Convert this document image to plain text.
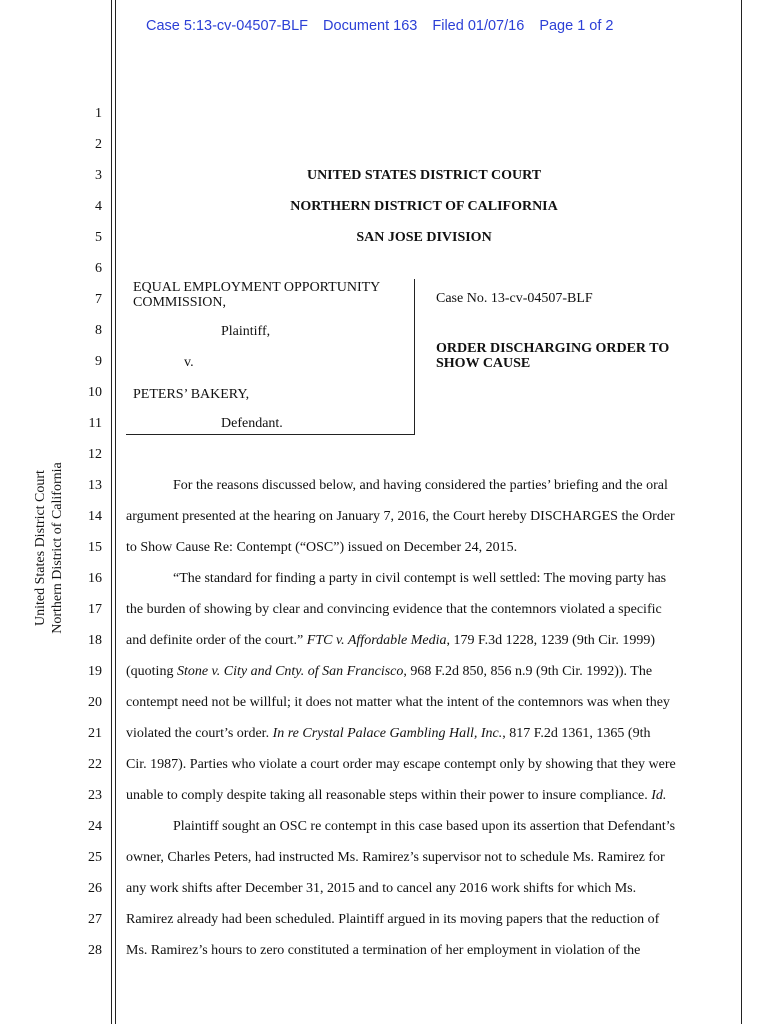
Case 5:13-cv-04507-BLF Document 163 Filed 01/07/16 Page 1 of 2
United States District Court Northern District of California
1
2
3
4
5
6
7
8
9
10
11
12
13
14
15
16
17
18
19
20
21
22
23
24
25
26
27
28
UNITED STATES DISTRICT COURT
NORTHERN DISTRICT OF CALIFORNIA
SAN JOSE DIVISION
EQUAL EMPLOYMENT OPPORTUNITY
COMMISSION,
Plaintiff,
v.
PETERS’ BAKERY,
Defendant.
Case No. 13-cv-04507-BLF
ORDER DISCHARGING ORDER TO
SHOW CAUSE
For the reasons discussed below, and having considered the parties’ briefing and the oral
argument presented at the hearing on January 7, 2016, the Court hereby DISCHARGES the Order
to Show Cause Re: Contempt (“OSC”) issued on December 24, 2015.
“The standard for finding a party in civil contempt is well settled: The moving party has
the burden of showing by clear and convincing evidence that the contemnors violated a specific
and definite order of the court.” FTC v. Affordable Media, 179 F.3d 1228, 1239 (9th Cir. 1999)
(quoting Stone v. City and Cnty. of San Francisco, 968 F.2d 850, 856 n.9 (9th Cir. 1992)). The
contempt need not be willful; it does not matter what the intent of the contemnors was when they
violated the court’s order. In re Crystal Palace Gambling Hall, Inc., 817 F.2d 1361, 1365 (9th
Cir. 1987). Parties who violate a court order may escape contempt only by showing that they were
unable to comply despite taking all reasonable steps within their power to insure compliance. Id.
Plaintiff sought an OSC re contempt in this case based upon its assertion that Defendant’s
owner, Charles Peters, had instructed Ms. Ramirez’s supervisor not to schedule Ms. Ramirez for
any work shifts after December 31, 2015 and to cancel any 2016 work shifts for which Ms.
Ramirez already had been scheduled. Plaintiff argued in its moving papers that the reduction of
Ms. Ramirez’s hours to zero constituted a termination of her employment in violation of the
